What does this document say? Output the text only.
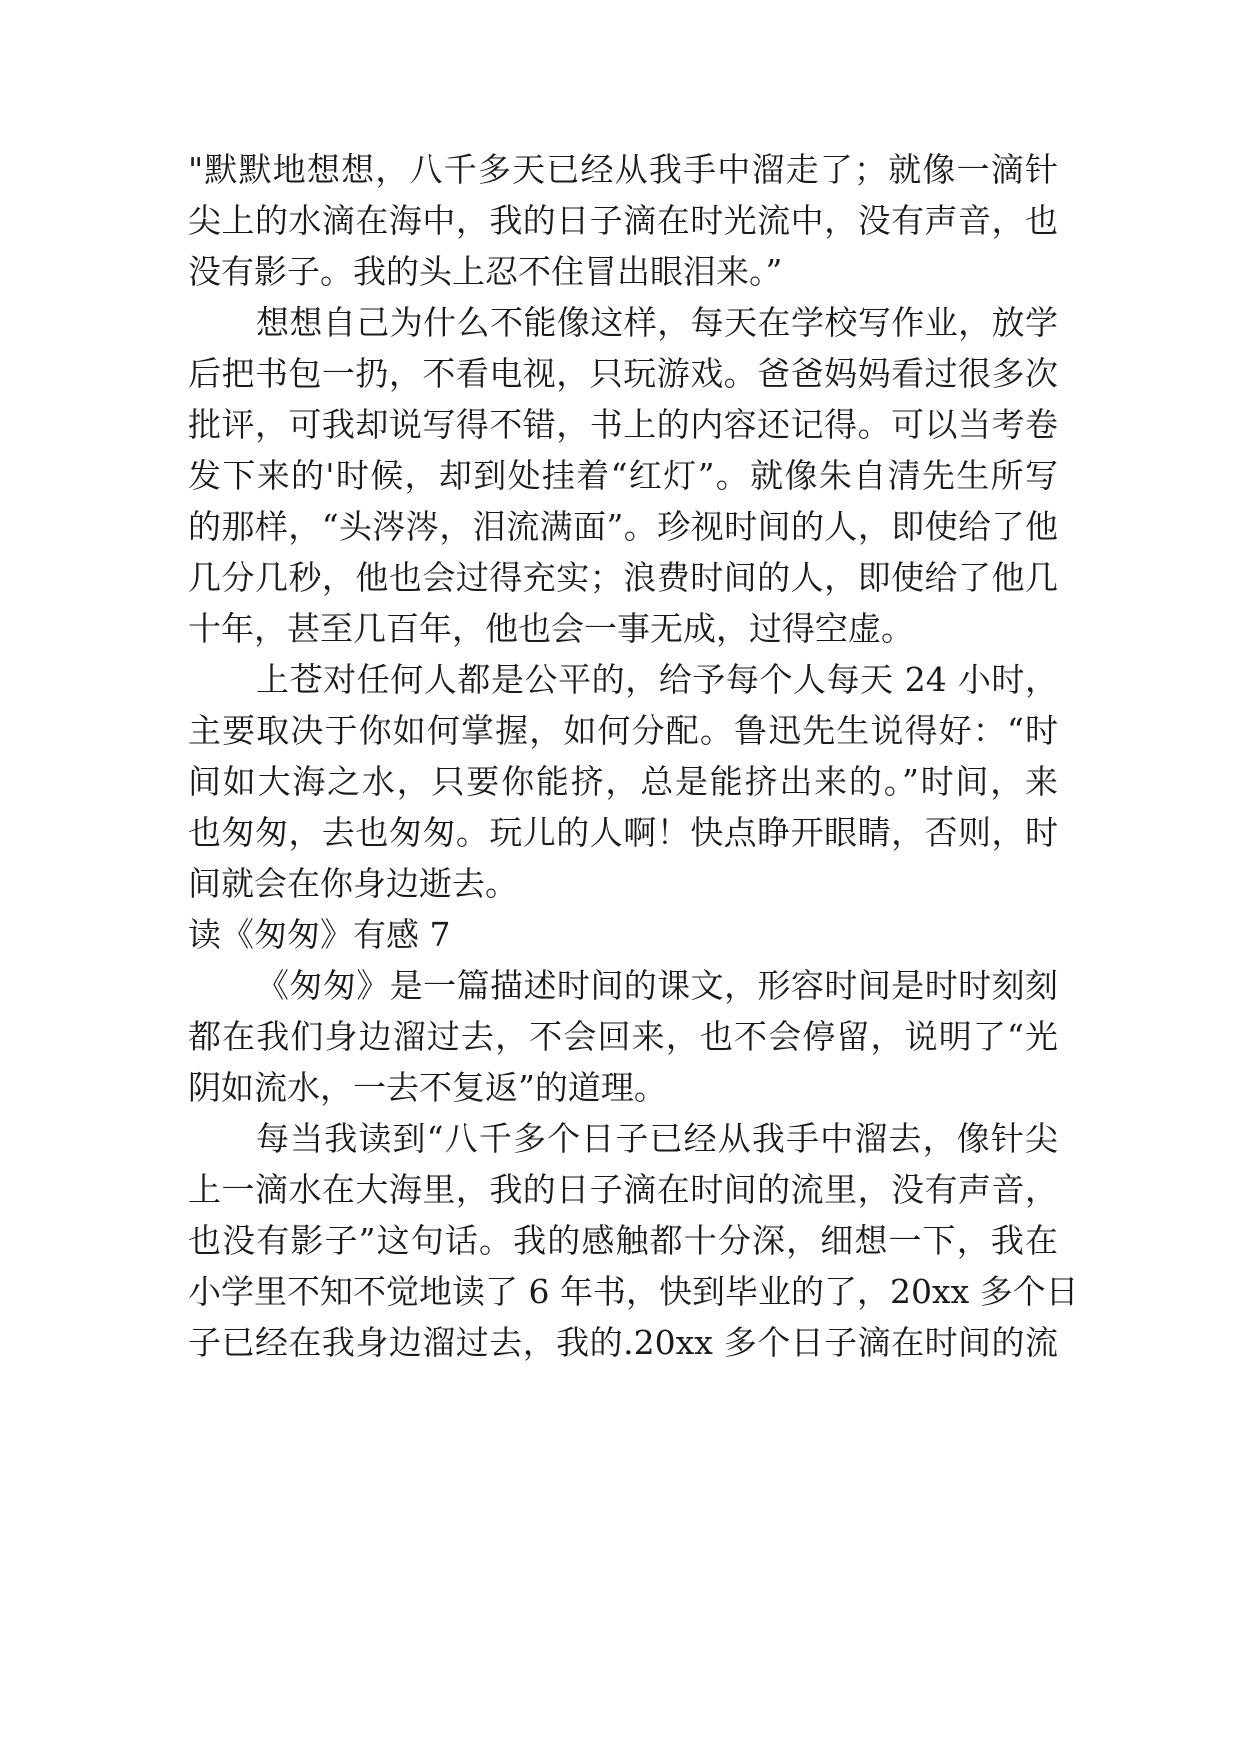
"默默地想想，八千多天已经从我手中溜走了；就像一滴针
尖上的水滴在海中，我的日子滴在时光流中，没有声音，也
没有影子。我的头上忍不住冒出眼泪来。”
想想自己为什么不能像这样，每天在学校写作业，放学
后把书包一扔，不看电视，只玩游戏。爸爸妈妈看过很多次
批评，可我却说写得不错，书上的内容还记得。可以当考卷
发下来的'时候，却到处挂着“红灯”。就像朱自清先生所写
的那样，“头涔涔，泪流满面”。珍视时间的人，即使给了他
几分几秒，他也会过得充实；浪费时间的人，即使给了他几
十年，甚至几百年，他也会一事无成，过得空虚。
上苍对任何人都是公平的，给予每个人每天 24 小时，
主要取决于你如何掌握，如何分配。鲁迅先生说得好：“时
间如大海之水，只要你能挤，总是能挤出来的。”时间，来
也匆匆，去也匆匆。玩儿的人啊！快点睁开眼睛，否则，时
间就会在你身边逝去。
读《匆匆》有感 7
《匆匆》是一篇描述时间的课文，形容时间是时时刻刻
都在我们身边溜过去，不会回来，也不会停留，说明了“光
阴如流水，一去不复返”的道理。
每当我读到“八千多个日子已经从我手中溜去，像针尖
上一滴水在大海里，我的日子滴在时间的流里，没有声音，
也没有影子”这句话。我的感触都十分深，细想一下，我在
小学里不知不觉地读了 6 年书，快到毕业的了，20xx 多个日
子已经在我身边溜过去，我的.20xx 多个日子滴在时间的流
